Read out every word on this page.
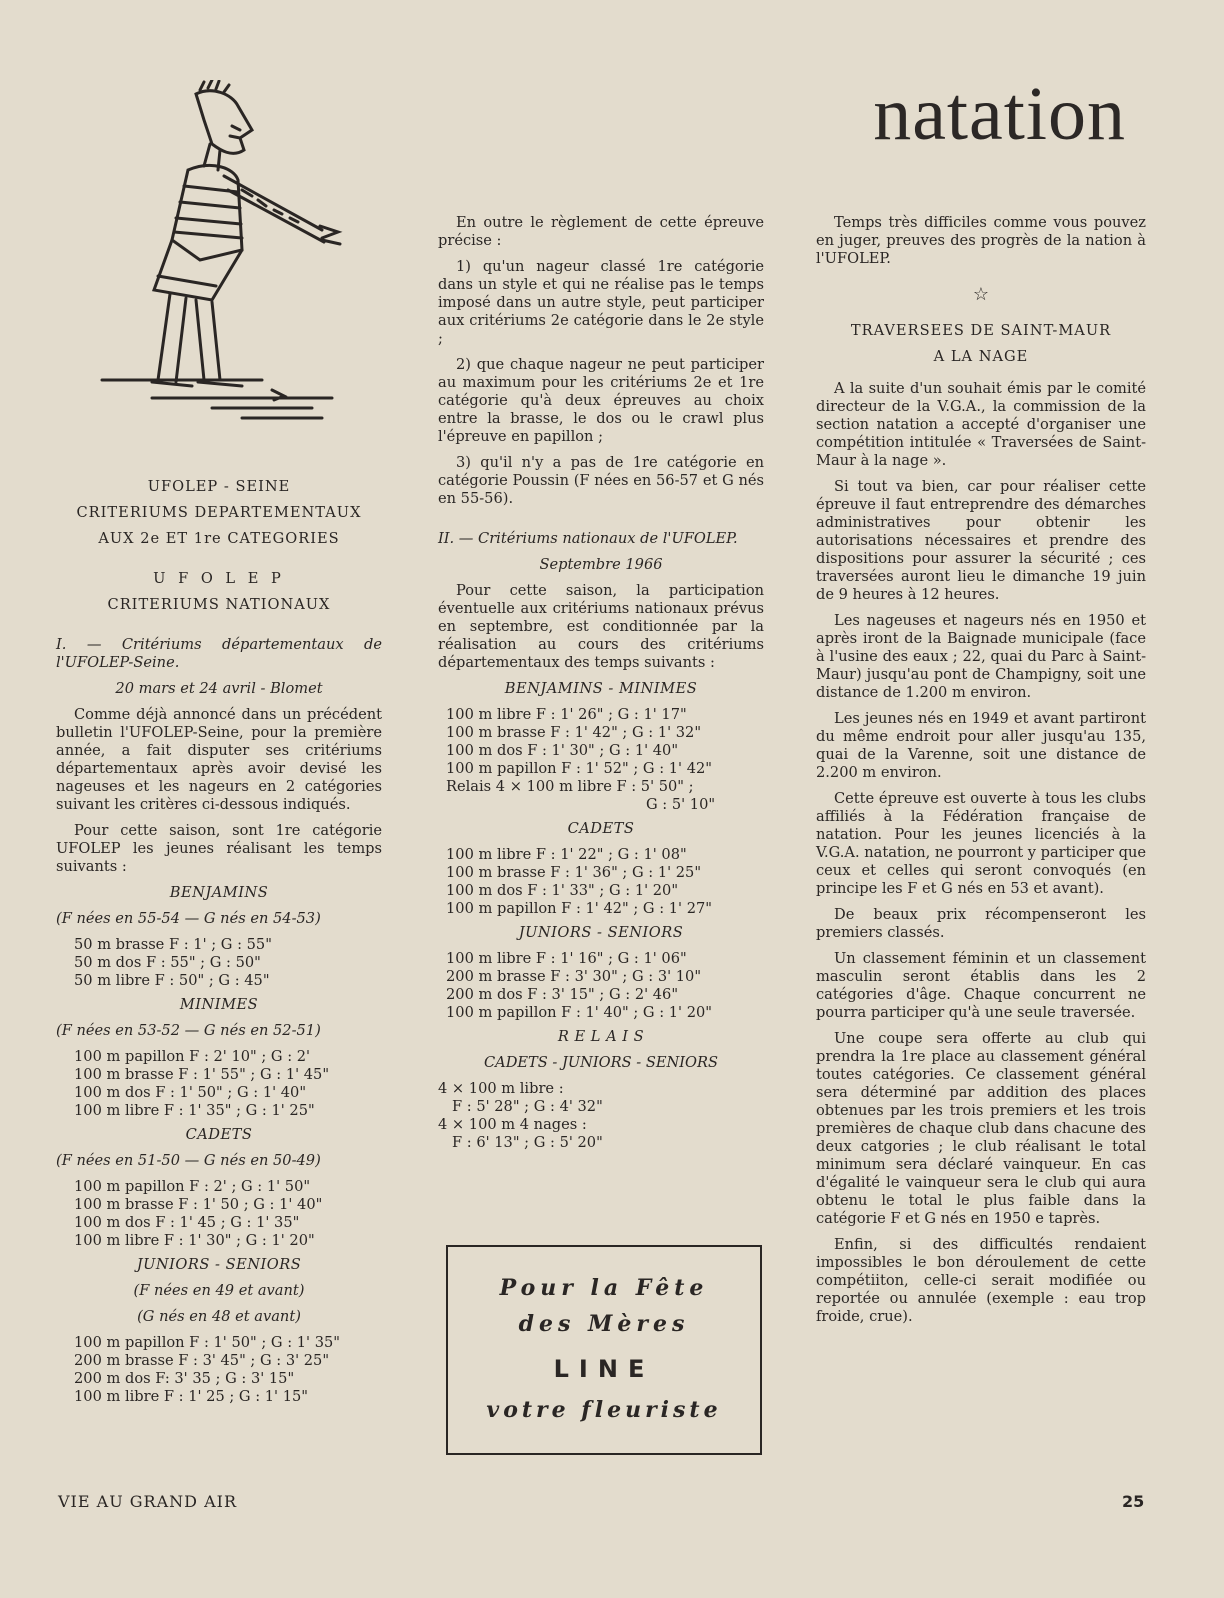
natation

UFOLEP - SEINE

CRITERIUMS DEPARTEMENTAUX

AUX 2e ET 1re CATEGORIES

U F O L E P

CRITERIUMS NATIONAUX

I. — Critériums départementaux de l'UFOLEP-Seine.

20 mars et 24 avril - Blomet

Comme déjà annoncé dans un précédent bulletin l'UFOLEP-Seine, pour la première année, a fait disputer ses critériums départementaux après avoir devisé les nageuses et les nageurs en 2 catégories suivant les critères ci-dessous indiqués.

Pour cette saison, sont 1re catégorie UFOLEP les jeunes réalisant les temps suivants :

BENJAMINS

(F nées en 55-54 — G nés en 54-53)

50 m brasse F : 1' ; G : 55"
50 m dos F : 55" ; G : 50"
50 m libre F : 50" ; G : 45"

MINIMES

(F nées en 53-52 — G nés en 52-51)

100 m papillon F : 2' 10" ; G : 2'
100 m brasse F : 1' 55" ; G : 1' 45"
100 m dos F : 1' 50" ; G : 1' 40"
100 m libre F : 1' 35" ; G : 1' 25"

CADETS

(F nées en 51-50 — G nés en 50-49)

100 m papillon F : 2' ; G : 1' 50"
100 m brasse F : 1' 50 ; G : 1' 40"
100 m dos F : 1' 45 ; G : 1' 35"
100 m libre F : 1' 30" ; G : 1' 20"

JUNIORS - SENIORS

(F nées en 49 et avant)

(G nés en 48 et avant)

100 m papillon F : 1' 50" ; G : 1' 35"
200 m brasse F : 3' 45" ; G : 3' 25"
200 m dos F: 3' 35 ; G : 3' 15"
100 m libre F : 1' 25 ; G : 1' 15"

En outre le règlement de cette épreuve précise :

1) qu'un nageur classé 1re catégorie dans un style et qui ne réalise pas le temps imposé dans un autre style, peut participer aux critériums 2e catégorie dans le 2e style ;

2) que chaque nageur ne peut participer au maximum pour les critériums 2e et 1re catégorie qu'à deux épreuves au choix entre la brasse, le dos ou le crawl plus l'épreuve en papillon ;

3) qu'il n'y a pas de 1re catégorie en catégorie Poussin (F nées en 56-57 et G nés en 55-56).

II. — Critériums nationaux de l'UFOLEP.

Septembre 1966

Pour cette saison, la participation éventuelle aux critériums nationaux prévus en septembre, est conditionnée par la réalisation au cours des critériums départementaux des temps suivants :

BENJAMINS - MINIMES

100 m libre F : 1' 26" ; G : 1' 17"
100 m brasse F : 1' 42" ; G : 1' 32"
100 m dos F : 1' 30" ; G : 1' 40"
100 m papillon F : 1' 52" ; G : 1' 42"
Relais 4 × 100 m libre F : 5' 50" ;
G : 5' 10"

CADETS

100 m libre F : 1' 22" ; G : 1' 08"
100 m brasse F : 1' 36" ; G : 1' 25"
100 m dos F : 1' 33" ; G : 1' 20"
100 m papillon F : 1' 42" ; G : 1' 27"

JUNIORS - SENIORS

100 m libre F : 1' 16" ; G : 1' 06"
200 m brasse F : 3' 30" ; G : 3' 10"
200 m dos F : 3' 15" ; G : 2' 46"
100 m papillon F : 1' 40" ; G : 1' 20"

R E L A I S

CADETS - JUNIORS - SENIORS

4 × 100 m libre :
F : 5' 28" ; G : 4' 32"
4 × 100 m 4 nages :
F : 6' 13" ; G : 5' 20"
Pour la Fête
des Mères
LINE
votre fleuriste

Temps très difficiles comme vous pouvez en juger, preuves des progrès de la nation à l'UFOLEP.

☆

TRAVERSEES DE SAINT-MAUR

A LA NAGE

A la suite d'un souhait émis par le comité directeur de la V.G.A., la commission de la section natation a accepté d'organiser une compétition intitulée « Traversées de Saint-Maur à la nage ».

Si tout va bien, car pour réaliser cette épreuve il faut entreprendre des démarches administratives pour obtenir les autorisations nécessaires et prendre des dispositions pour assurer la sécurité ; ces traversées auront lieu le dimanche 19 juin de 9 heures à 12 heures.

Les nageuses et nageurs nés en 1950 et après iront de la Baignade municipale (face à l'usine des eaux ; 22, quai du Parc à Saint-Maur) jusqu'au pont de Champigny, soit une distance de 1.200 m environ.

Les jeunes nés en 1949 et avant partiront du même endroit pour aller jusqu'au 135, quai de la Varenne, soit une distance de 2.200 m environ.

Cette épreuve est ouverte à tous les clubs affiliés à la Fédération française de natation. Pour les jeunes licenciés à la V.G.A. natation, ne pourront y participer que ceux et celles qui seront convoqués (en principe les F et G nés en 53 et avant).

De beaux prix récompenseront les premiers classés.

Un classement féminin et un classement masculin seront établis dans les 2 catégories d'âge. Chaque concurrent ne pourra participer qu'à une seule traversée.

Une coupe sera offerte au club qui prendra la 1re place au classement général toutes catégories. Ce classement général sera déterminé par addition des places obtenues par les trois premiers et les trois premières de chaque club dans chacune des deux catgories ; le club réalisant le total minimum sera déclaré vainqueur. En cas d'égalité le vainqueur sera le club qui aura obtenu le total le plus faible dans la catégorie F et G nés en 1950 e taprès.

Enfin, si des difficultés rendaient impossibles le bon déroulement de cette compétiiton, celle-ci serait modifiée ou reportée ou annulée (exemple : eau trop froide, crue).

VIE AU GRAND AIR	25
